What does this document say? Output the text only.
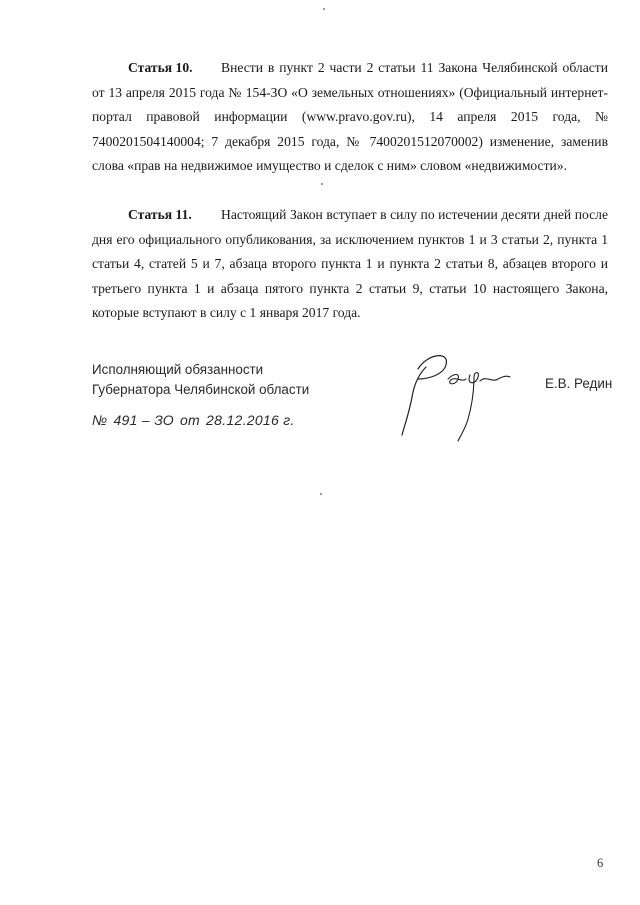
Статья 10. Внести в пункт 2 части 2 статьи 11 Закона Челябинской области от 13 апреля 2015 года № 154-ЗО «О земельных отношениях» (Официальный интернет-портал правовой информации (www.pravo.gov.ru), 14 апреля 2015 года, № 7400201504140004; 7 декабря 2015 года, № 7400201512070002) изменение, заменив слова «прав на недвижимое имущество и сделок с ним» словом «недвижимости».

Статья 11. Настоящий Закон вступает в силу по истечении десяти дней после дня его официального опубликования, за исключением пунктов 1 и 3 статьи 2, пункта 1 статьи 4, статей 5 и 7, абзаца второго пункта 1 и пункта 2 статьи 8, абзацев второго и третьего пункта 1 и абзаца пятого пункта 2 статьи 9, статьи 10 настоящего Закона, которые вступают в силу с 1 января 2017 года.

Исполняющий обязанности
Губернатора Челябинской области	Е.В. Редин
№ 491 – ЗО от 28.12.2016 г.
6
